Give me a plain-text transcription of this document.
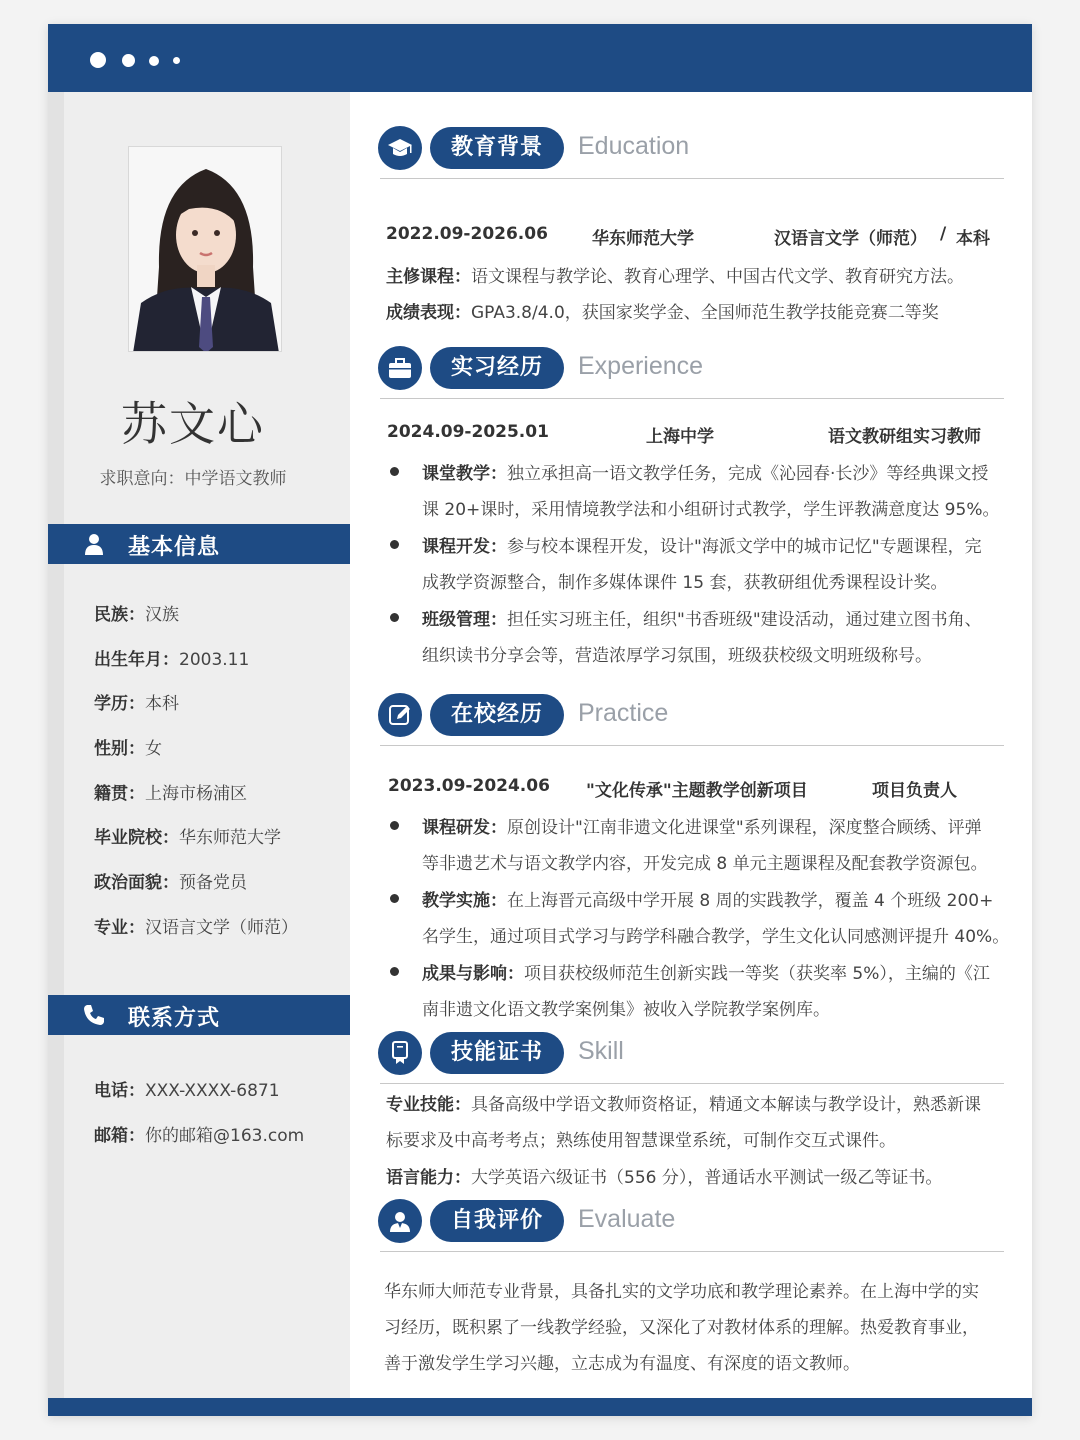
苏文心
求职意向：中学语文教师
基本信息
民族：汉族
出生年月：2003.11
学历：本科
性别：女
籍贯：上海市杨浦区
毕业院校：华东师范大学
政治面貌：预备党员
专业：汉语言文学（师范）
联系方式
电话：XXX-XXXX-6871
邮箱：你的邮箱@163.com
教育背景	Education
2022.09-2026.06	华东师范大学	汉语言文学（师范） / 本科
主修课程：语文课程与教学论、教育心理学、中国古代文学、教育研究方法。
成绩表现：GPA3.8/4.0，获国家奖学金、全国师范生教学技能竞赛二等奖
实习经历	Experience
2024.09-2025.01	上海中学	语文教研组实习教师
课堂教学：独立承担高一语文教学任务，完成《沁园春·长沙》等经典课文授
课 20+课时，采用情境教学法和小组研讨式教学，学生评教满意度达 95%。
课程开发：参与校本课程开发，设计"海派文学中的城市记忆"专题课程，完
成教学资源整合，制作多媒体课件 15 套，获教研组优秀课程设计奖。
班级管理：担任实习班主任，组织"书香班级"建设活动，通过建立图书角、
组织读书分享会等，营造浓厚学习氛围，班级获校级文明班级称号。
在校经历	Practice
2023.09-2024.06 "文化传承"主题教学创新项目	项目负责人
课程研发：原创设计"江南非遗文化进课堂"系列课程，深度整合顾绣、评弹
等非遗艺术与语文教学内容，开发完成 8 单元主题课程及配套教学资源包。
教学实施：在上海晋元高级中学开展 8 周的实践教学，覆盖 4 个班级 200+
名学生，通过项目式学习与跨学科融合教学，学生文化认同感测评提升 40%。
成果与影响：项目获校级师范生创新实践一等奖（获奖率 5%），主编的《江
南非遗文化语文教学案例集》被收入学院教学案例库。
技能证书	Skill
专业技能：具备高级中学语文教师资格证，精通文本解读与教学设计，熟悉新课
标要求及中高考考点；熟练使用智慧课堂系统，可制作交互式课件。
语言能力：大学英语六级证书（556 分），普通话水平测试一级乙等证书。
自我评价	Evaluate
华东师大师范专业背景，具备扎实的文学功底和教学理论素养。在上海中学的实
习经历，既积累了一线教学经验，又深化了对教材体系的理解。热爱教育事业，
善于激发学生学习兴趣，立志成为有温度、有深度的语文教师。
